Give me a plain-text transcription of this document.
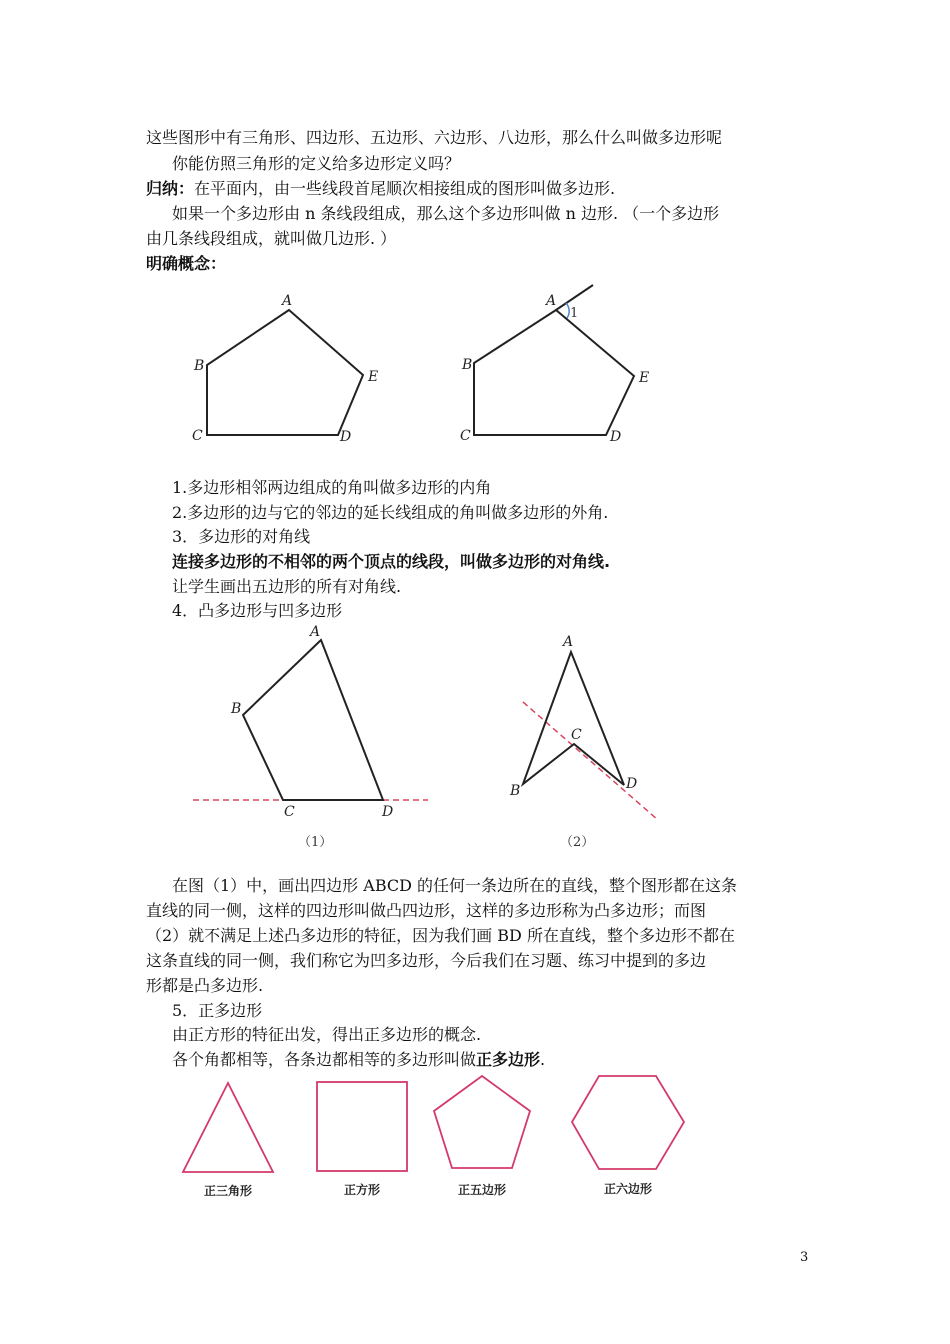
这些图形中有三角形、四边形、五边形、六边形、八边形，那么什么叫做多边形呢
你能仿照三角形的定义给多边形定义吗？
归纳：在平面内，由一些线段首尾顺次相接组成的图形叫做多边形.
如果一个多边形由 n 条线段组成，那么这个多边形叫做 n 边形. （一个多边形
由几条线段组成，就叫做几边形. ）
明确概念：
1.多边形相邻两边组成的角叫做多边形的内角
2.多边形的边与它的邻边的延长线组成的角叫做多边形的外角.
3．多边形的对角线
连接多边形的不相邻的两个顶点的线段，叫做多边形的对角线.
让学生画出五边形的所有对角线.
4．凸多边形与凹多边形
在图（1）中，画出四边形 ABCD 的任何一条边所在的直线，整个图形都在这条
直线的同一侧，这样的四边形叫做凸四边形，这样的多边形称为凸多边形；而图
（2）就不满足上述凸多边形的特征，因为我们画 BD 所在直线，整个多边形不都在
这条直线的同一侧，我们称它为凹多边形，今后我们在习题、练习中提到的多边
形都是凸多边形.
5．正多边形
由正方形的特征出发，得出正多边形的概念.
各个角都相等，各条边都相等的多边形叫做正多边形.
3
A
B
C	D
E
1
A
B
C	D
E
A
B
C	D
（1）
A
B
C
D
（2）
正三角形	正方形	正五边形	正六边形
